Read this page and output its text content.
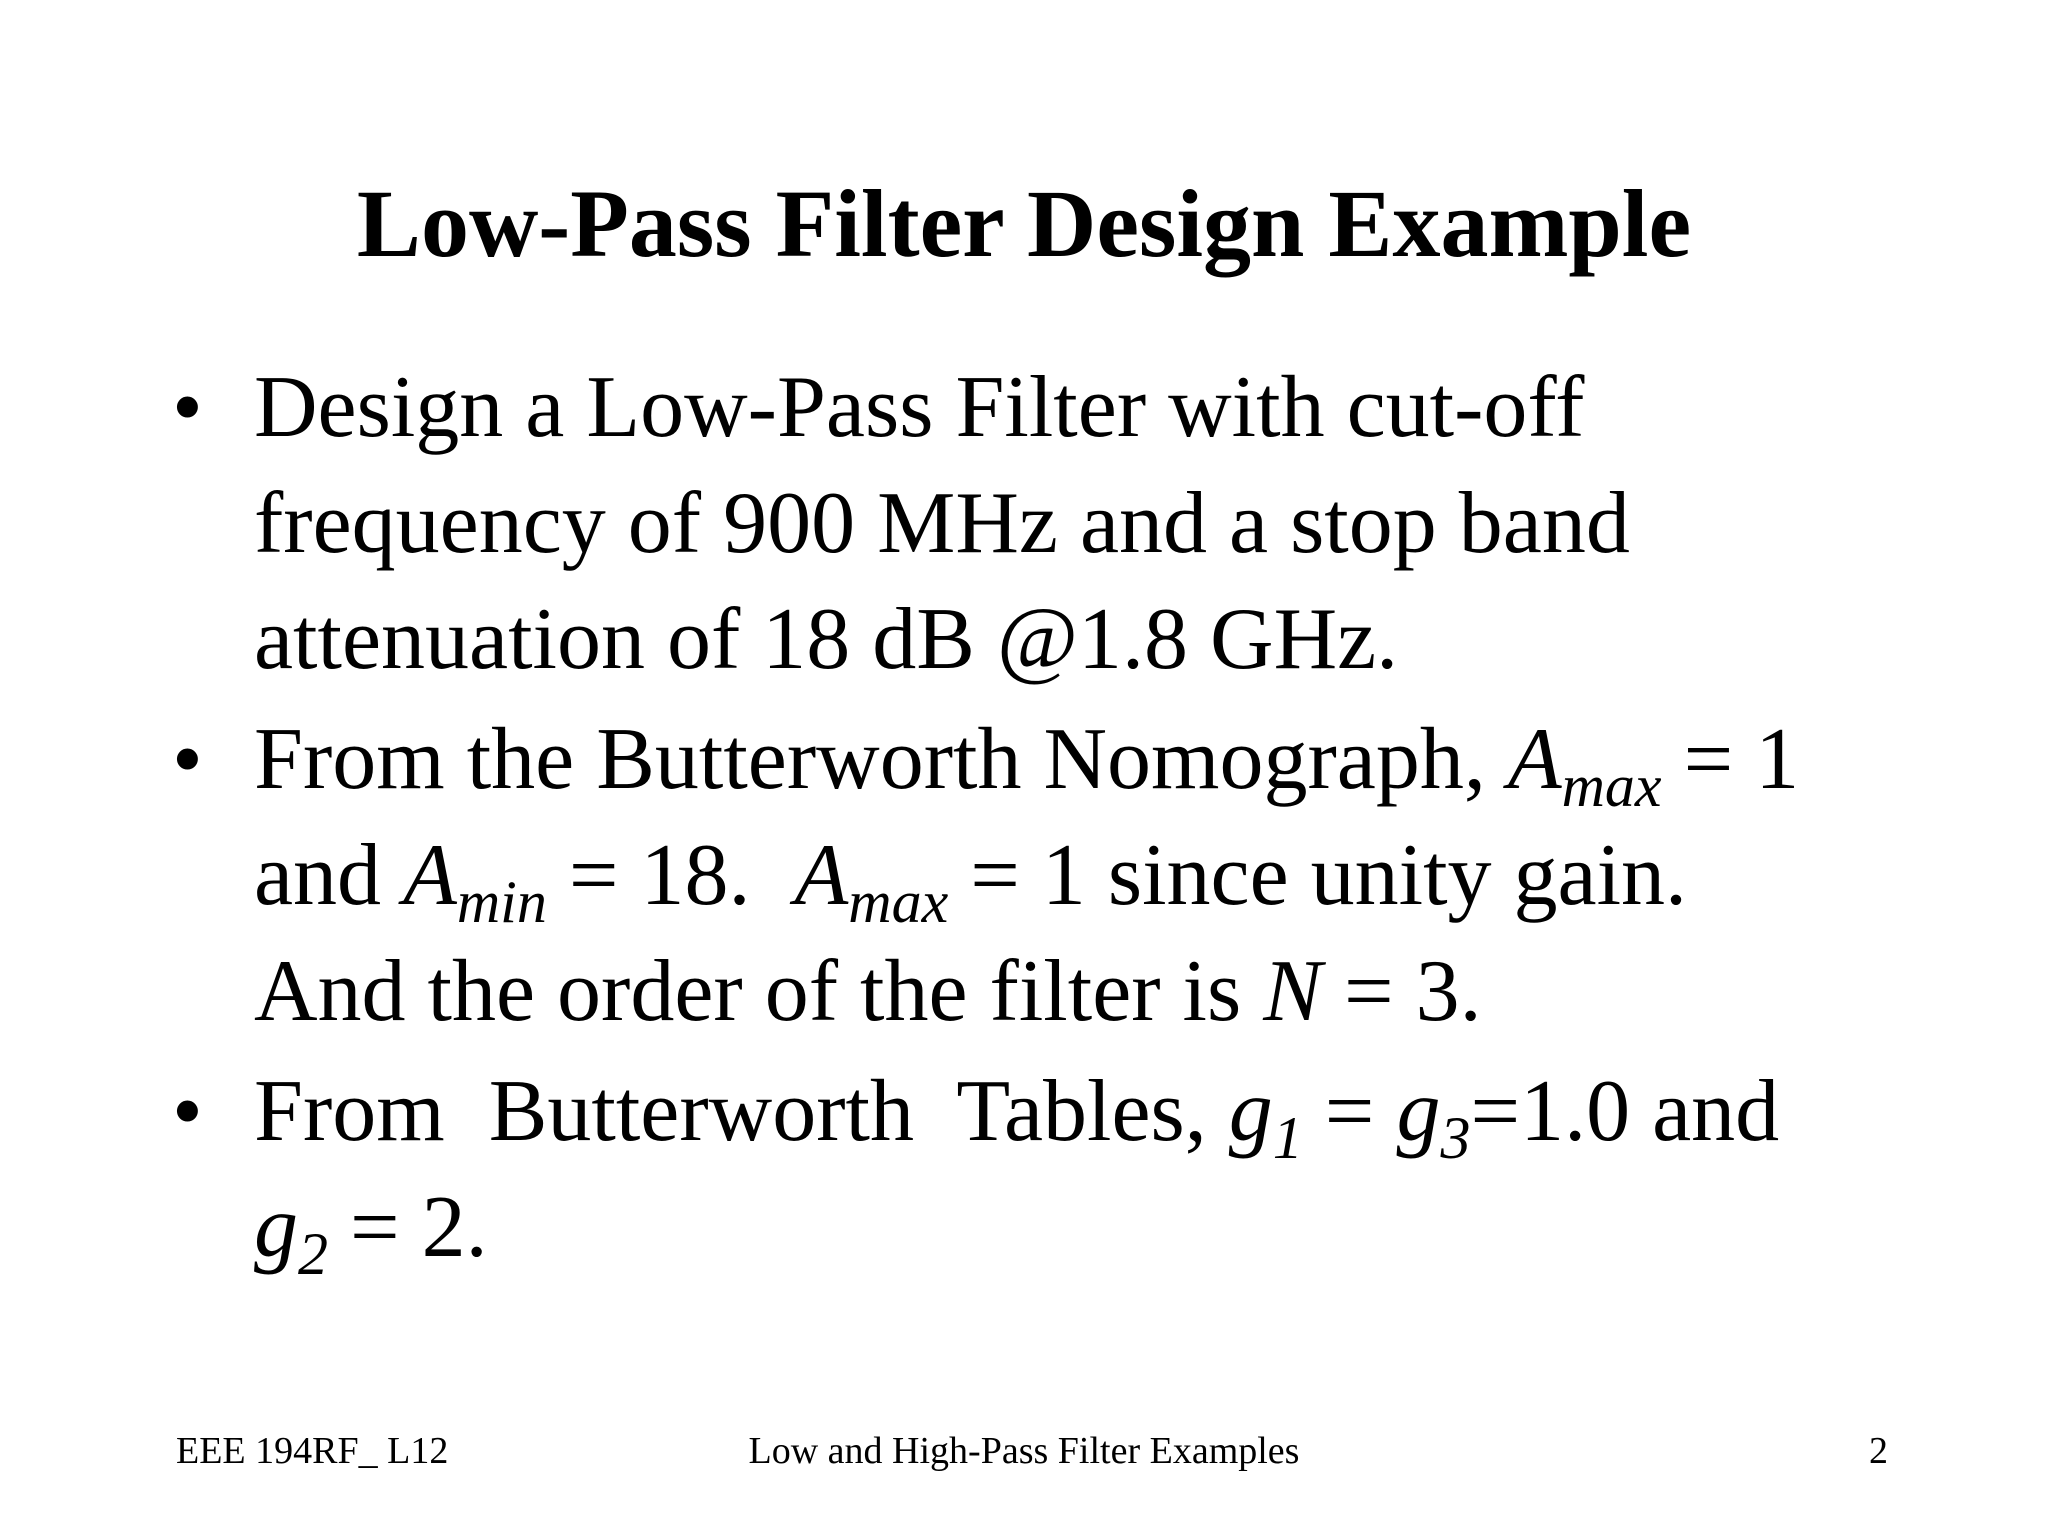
Low-Pass Filter Design Example
• Design a Low-Pass Filter with cut-off
frequency of 900 MHz and a stop band
attenuation of 18 dB @1.8 GHz.
• From the Butterworth Nomograph, $A_{max} = 1$
and $A_{min} = 18$.  $A_{max} = 1$ since unity gain.
And the order of the filter is N = 3.
• From  Butterworth  Tables, $g_1 = g_3=1.0$ and
$g_2 = 2$.
EEE 194RF_ L12	Low and High-Pass Filter Examples	2
